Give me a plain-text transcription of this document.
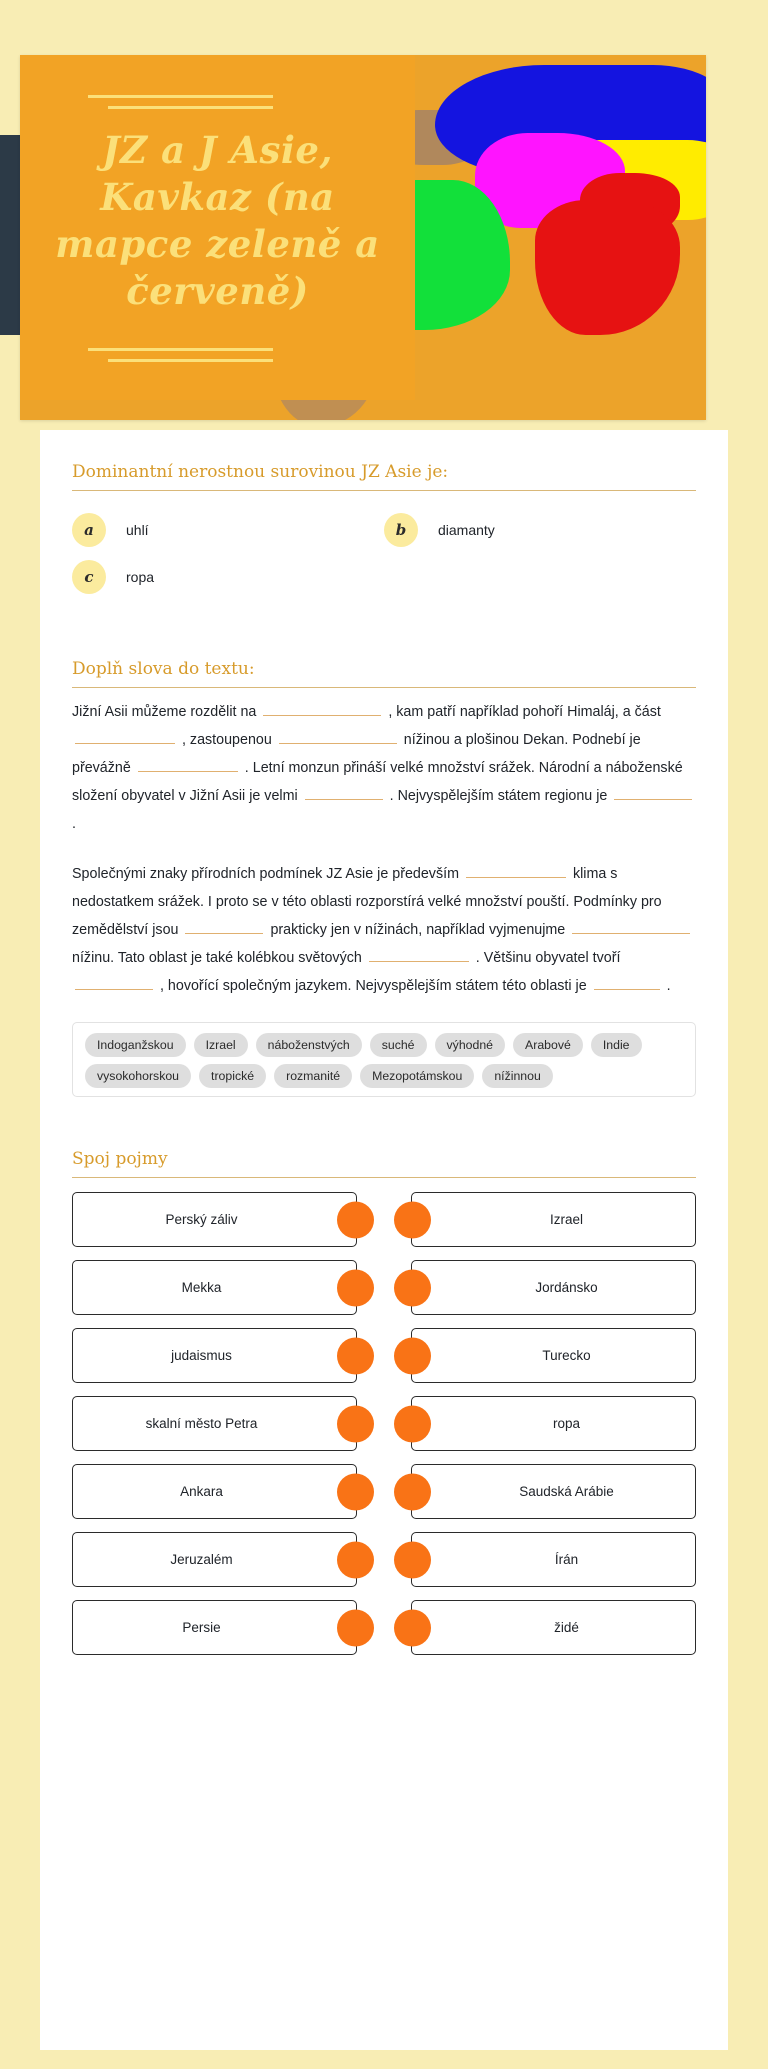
JZ a J Asie, Kavkaz (na mapce zeleně a červeně)
Dominantní nerostnou surovinou JZ Asie je:
a	uhlí	b	diamanty
c	ropa
Doplň slova do textu:

Jižní Asii můžeme rozdělit na	, kam patří například pohoří Himaláj, a část  , zastoupenou	nížinou a plošinou Dekan. Podnebí je převážně	. Letní monzun přináší velké množství srážek. Národní a náboženské složení obyvatel v Jižní Asii je velmi	. Nejvyspělejším státem regionu je  .

Společnými znaky přírodních podmínek JZ Asie je především	klima s nedostatkem srážek. I proto se v této oblasti rozporstírá velké množství pouští. Podmínky pro zemědělství jsou	prakticky jen v nížinách, například vyjmenujme  nížinu. Tato oblast je také kolébkou světových	. Většinu obyvatel tvoří  , hovořící společným jazykem. Nejvyspělejším státem této oblasti je	.

Indoganžskou	Izrael	náboženstvých	suché	výhodné	Arabové	Indie
vysokohorskou	tropické	rozmanité	Mezopotámskou	nížinnou
Spoj pojmy
Perský záliv	Izrael
Mekka	Jordánsko
judaismus	Turecko
skalní město Petra	ropa
Ankara	Saudská Arábie
Jeruzalém	Írán
Persie	židé
